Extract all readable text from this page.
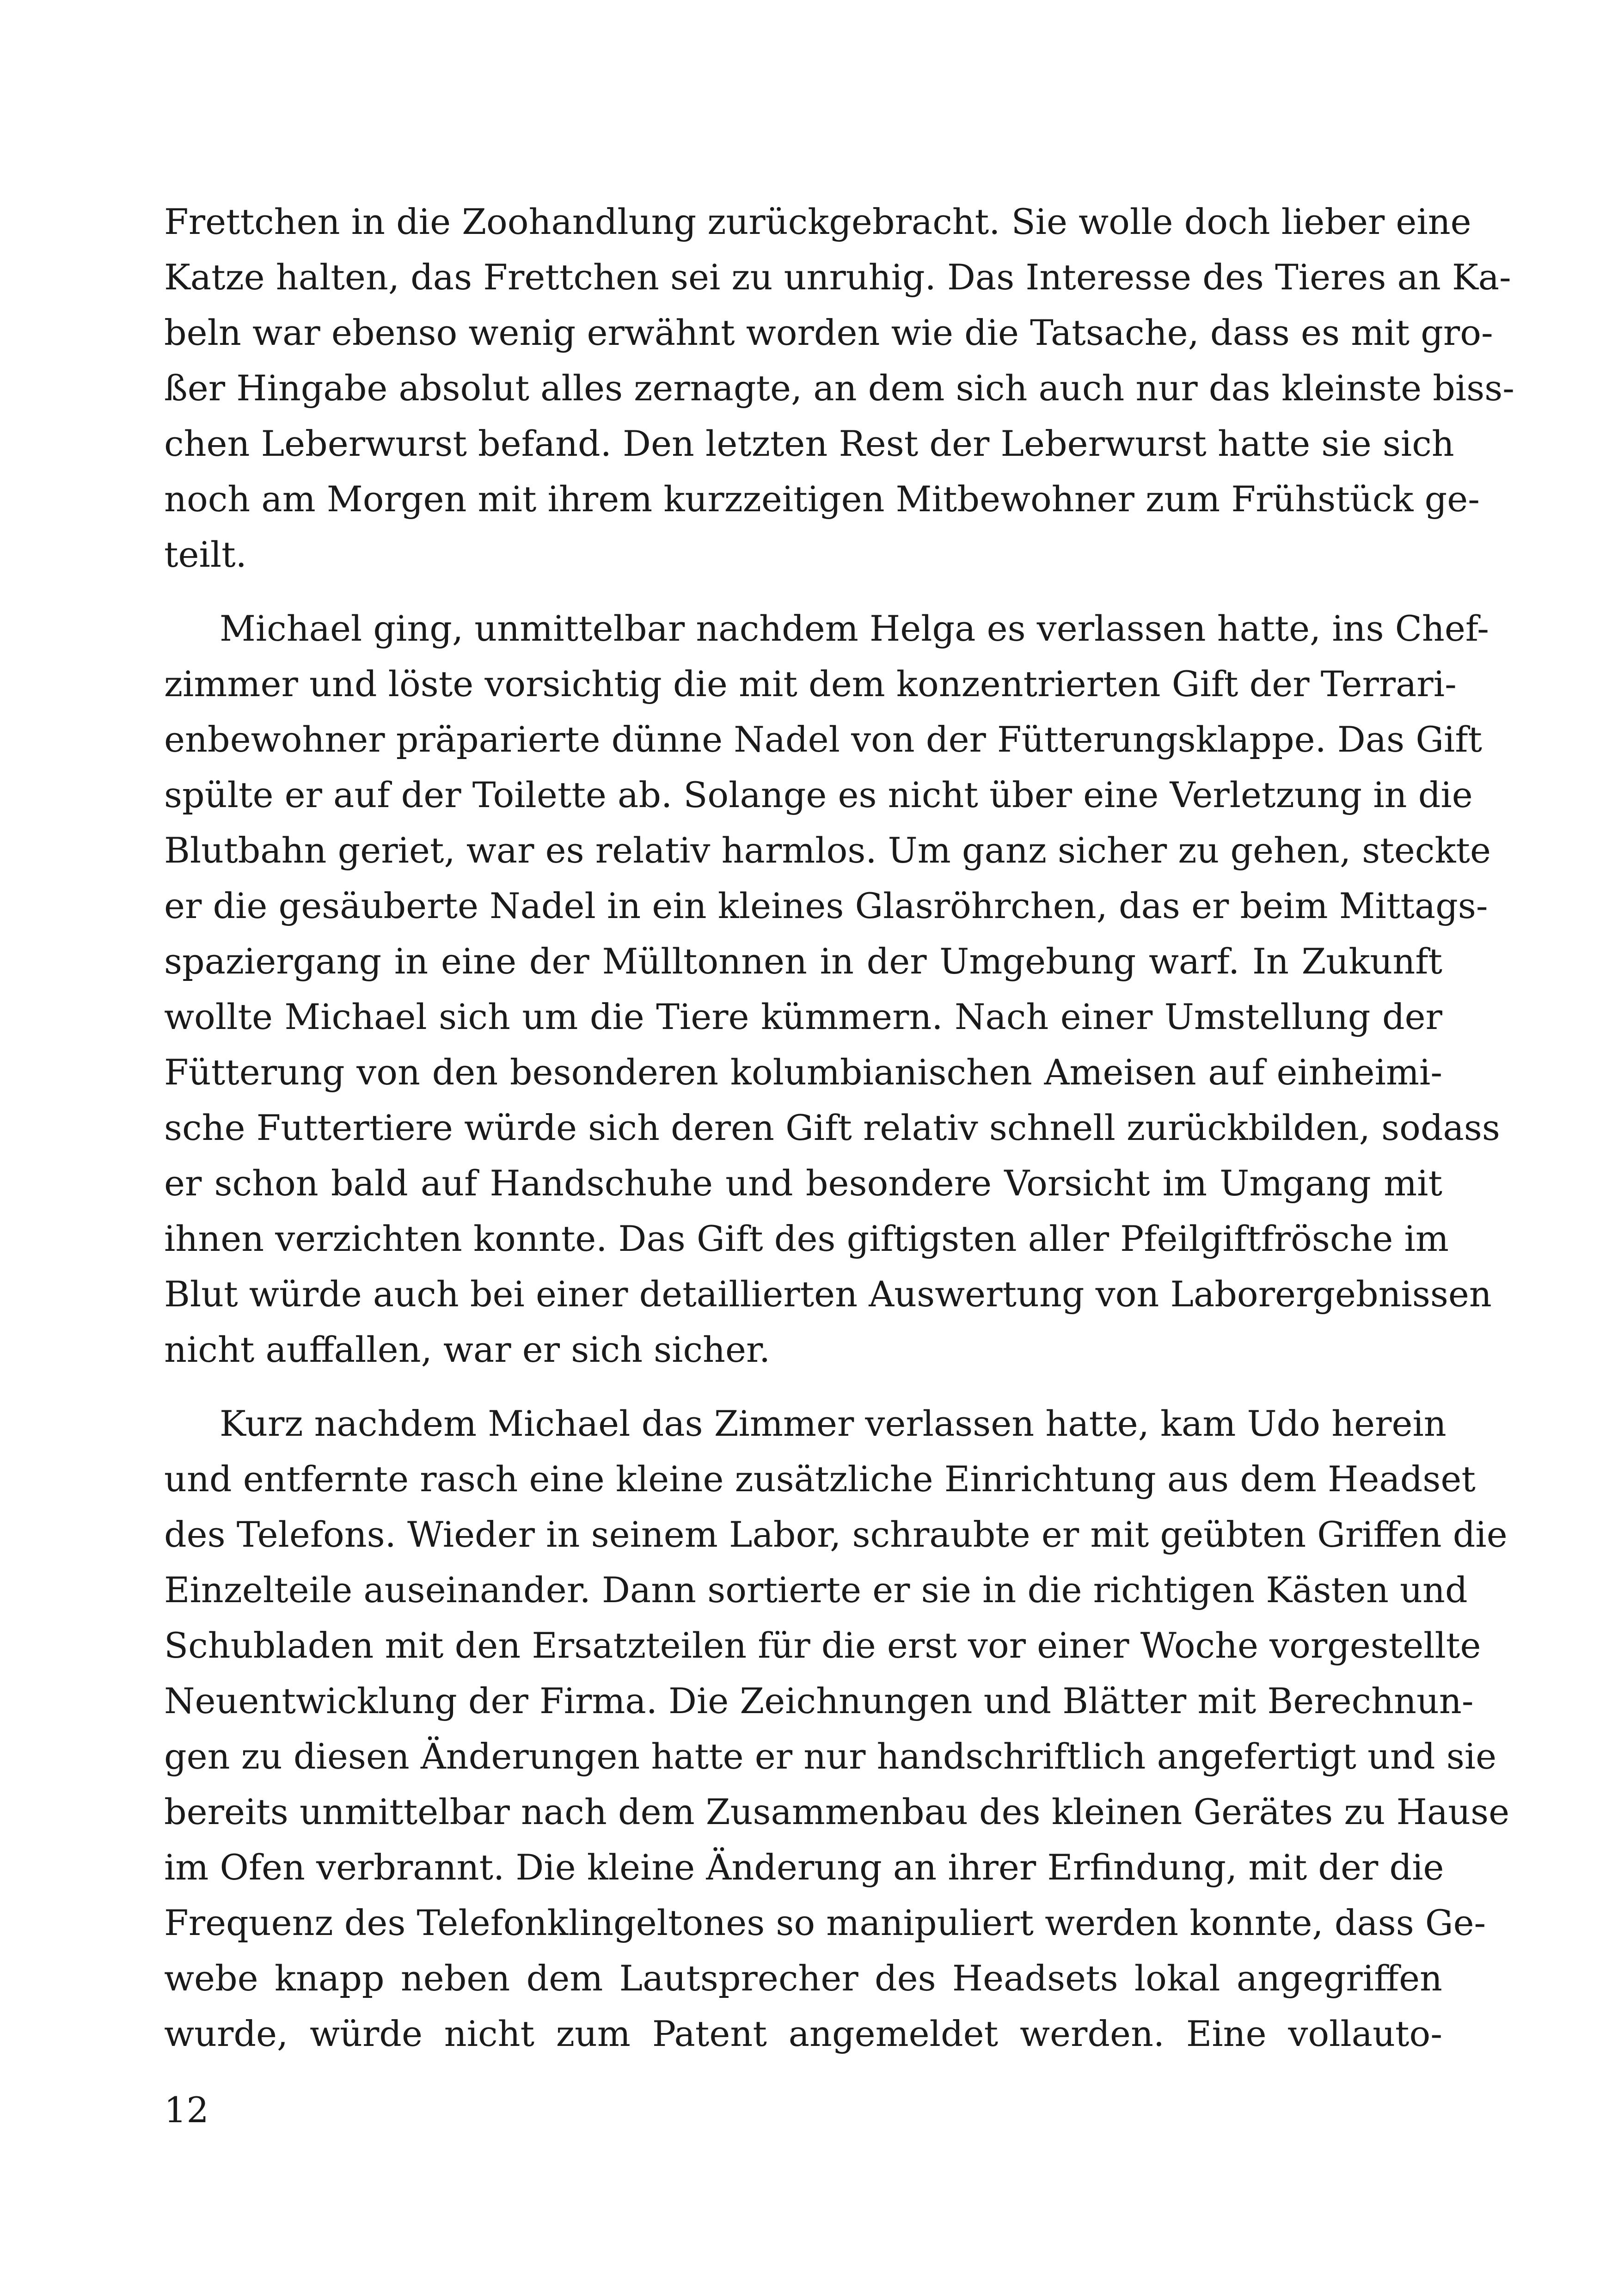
Frettchen in die Zoohandlung zurückgebracht. Sie wolle doch lieber eine
Katze halten, das Frettchen sei zu unruhig. Das Interesse des Tieres an Ka-
beln war ebenso wenig erwähnt worden wie die Tatsache, dass es mit gro-
ßer Hingabe absolut alles zernagte, an dem sich auch nur das kleinste biss-
chen Leberwurst befand. Den letzten Rest der Leberwurst hatte sie sich
noch am Morgen mit ihrem kurzzeitigen Mitbewohner zum Frühstück ge-
teilt.
Michael ging, unmittelbar nachdem Helga es verlassen hatte, ins Chef-
zimmer und löste vorsichtig die mit dem konzentrierten Gift der Terrari-
enbewohner präparierte dünne Nadel von der Fütterungsklappe. Das Gift
spülte er auf der Toilette ab. Solange es nicht über eine Verletzung in die
Blutbahn geriet, war es relativ harmlos. Um ganz sicher zu gehen, steckte
er die gesäuberte Nadel in ein kleines Glasröhrchen, das er beim Mittags-
spaziergang in eine der Mülltonnen in der Umgebung warf. In Zukunft
wollte Michael sich um die Tiere kümmern. Nach einer Umstellung der
Fütterung von den besonderen kolumbianischen Ameisen auf einheimi-
sche Futtertiere würde sich deren Gift relativ schnell zurückbilden, sodass
er schon bald auf Handschuhe und besondere Vorsicht im Umgang mit
ihnen verzichten konnte. Das Gift des giftigsten aller Pfeilgiftfrösche im
Blut würde auch bei einer detaillierten Auswertung von Laborergebnissen
nicht auffallen, war er sich sicher.
Kurz nachdem Michael das Zimmer verlassen hatte, kam Udo herein
und entfernte rasch eine kleine zusätzliche Einrichtung aus dem Headset
des Telefons. Wieder in seinem Labor, schraubte er mit geübten Griffen die
Einzelteile auseinander. Dann sortierte er sie in die richtigen Kästen und
Schubladen mit den Ersatzteilen für die erst vor einer Woche vorgestellte
Neuentwicklung der Firma. Die Zeichnungen und Blätter mit Berechnun-
gen zu diesen Änderungen hatte er nur handschriftlich angefertigt und sie
bereits unmittelbar nach dem Zusammenbau des kleinen Gerätes zu Hause
im Ofen verbrannt. Die kleine Änderung an ihrer Erfindung, mit der die
Frequenz des Telefonklingeltones so manipuliert werden konnte, dass Ge-
webe knapp neben dem Lautsprecher des Headsets lokal angegriffen
wurde, würde nicht zum Patent angemeldet werden. Eine vollauto-
12
